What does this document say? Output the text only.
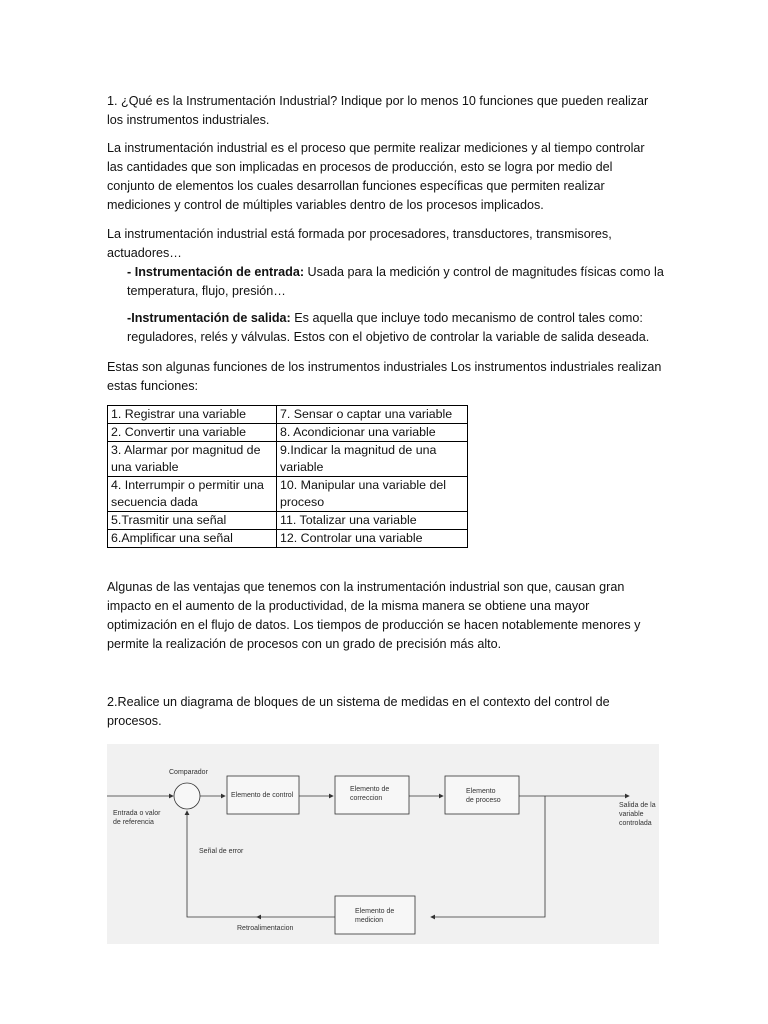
1. ¿Qué es la Instrumentación Industrial? Indique por lo menos 10 funciones que pueden realizar los instrumentos industriales.

La instrumentación industrial es el proceso que permite realizar mediciones y al tiempo controlar las cantidades que son implicadas en procesos de producción, esto se logra por medio del conjunto de elementos los cuales desarrollan funciones específicas que permiten realizar mediciones y control de múltiples variables dentro de los procesos implicados.

La instrumentación industrial está formada por procesadores, transductores, transmisores, actuadores…

- Instrumentación de entrada: Usada para la medición y control de magnitudes físicas como la temperatura, flujo, presión…

-Instrumentación de salida: Es aquella que incluye todo mecanismo de control tales como: reguladores, relés y válvulas. Estos con el objetivo de controlar la variable de salida deseada.

Estas son algunas funciones de los instrumentos industriales Los instrumentos industriales realizan estas funciones:

1. Registrar una variable	7. Sensar o captar una variable
2. Convertir una variable	8. Acondicionar una variable
3. Alarmar por magnitud de una variable	9.Indicar la magnitud de una variable
4. Interrumpir o permitir una secuencia dada	10. Manipular una variable del proceso
5.Trasmitir una señal	11. Totalizar una variable
6.Amplificar una señal	12. Controlar una variable

Algunas de las ventajas que tenemos con la instrumentación industrial son que, causan gran impacto en el aumento de la productividad, de la misma manera se obtiene una mayor optimización en el flujo de datos. Los tiempos de producción se hacen notablemente menores y permite la realización de procesos con un grado de precisión más alto.

2.Realice un diagrama de bloques de un sistema de medidas en el contexto del control de procesos.

Entrada o valor
de referencia
Comparador
Elemento de control
Elemento de
correccion
Elemento
de proceso
Salida de la
variable
controlada
Elemento de
medicion
Señal de error
Retroalimentacion
